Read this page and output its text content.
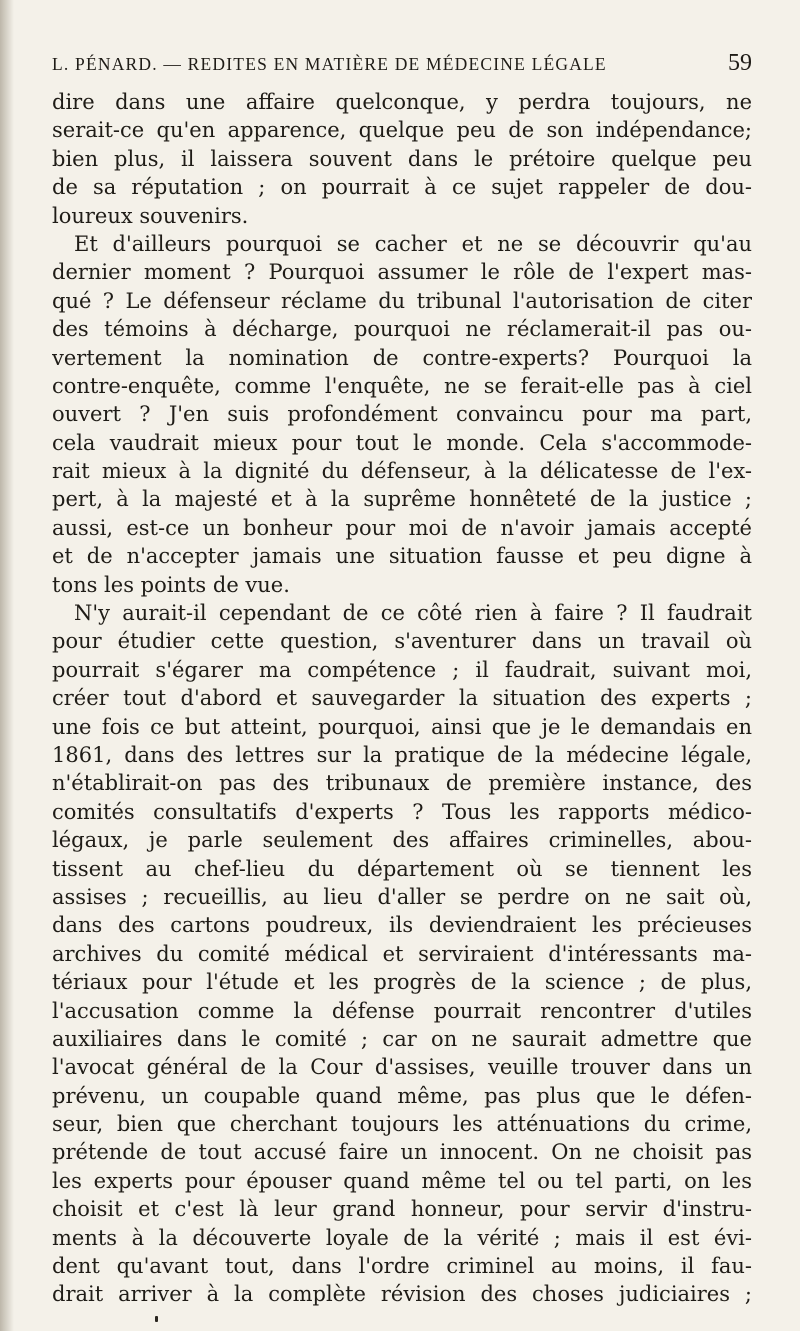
L. PÉNARD. — REDITES EN MATIÈRE DE MÉDECINE LÉGALE	59
dire dans une affaire quelconque, y perdra toujours, ne
serait-ce qu'en apparence, quelque peu de son indépendance;
bien plus, il laissera souvent dans le prétoire quelque peu
de sa réputation ; on pourrait à ce sujet rappeler de dou-
loureux souvenirs.
Et d'ailleurs pourquoi se cacher et ne se découvrir qu'au
dernier moment ? Pourquoi assumer le rôle de l'expert mas-
qué ? Le défenseur réclame du tribunal l'autorisation de citer
des témoins à décharge, pourquoi ne réclamerait-il pas ou-
vertement la nomination de contre-experts? Pourquoi la
contre-enquête, comme l'enquête, ne se ferait-elle pas à ciel
ouvert ? J'en suis profondément convaincu pour ma part,
cela vaudrait mieux pour tout le monde. Cela s'accommode-
rait mieux à la dignité du défenseur, à la délicatesse de l'ex-
pert, à la majesté et à la suprême honnêteté de la justice ;
aussi, est-ce un bonheur pour moi de n'avoir jamais accepté
et de n'accepter jamais une situation fausse et peu digne à
tons les points de vue.
N'y aurait-il cependant de ce côté rien à faire ? Il faudrait
pour étudier cette question, s'aventurer dans un travail où
pourrait s'égarer ma compétence ; il faudrait, suivant moi,
créer tout d'abord et sauvegarder la situation des experts ;
une fois ce but atteint, pourquoi, ainsi que je le demandais en
1861, dans des lettres sur la pratique de la médecine légale,
n'établirait-on pas des tribunaux de première instance, des
comités consultatifs d'experts ? Tous les rapports médico-
légaux, je parle seulement des affaires criminelles, abou-
tissent au chef-lieu du département où se tiennent les
assises ; recueillis, au lieu d'aller se perdre on ne sait où,
dans des cartons poudreux, ils deviendraient les précieuses
archives du comité médical et serviraient d'intéressants ma-
tériaux pour l'étude et les progrès de la science ; de plus,
l'accusation comme la défense pourrait rencontrer d'utiles
auxiliaires dans le comité ; car on ne saurait admettre que
l'avocat général de la Cour d'assises, veuille trouver dans un
prévenu, un coupable quand même, pas plus que le défen-
seur, bien que cherchant toujours les atténuations du crime,
prétende de tout accusé faire un innocent. On ne choisit pas
les experts pour épouser quand même tel ou tel parti, on les
choisit et c'est là leur grand honneur, pour servir d'instru-
ments à la découverte loyale de la vérité ; mais il est évi-
dent qu'avant tout, dans l'ordre criminel au moins, il fau-
drait arriver à la complète révision des choses judiciaires ;
